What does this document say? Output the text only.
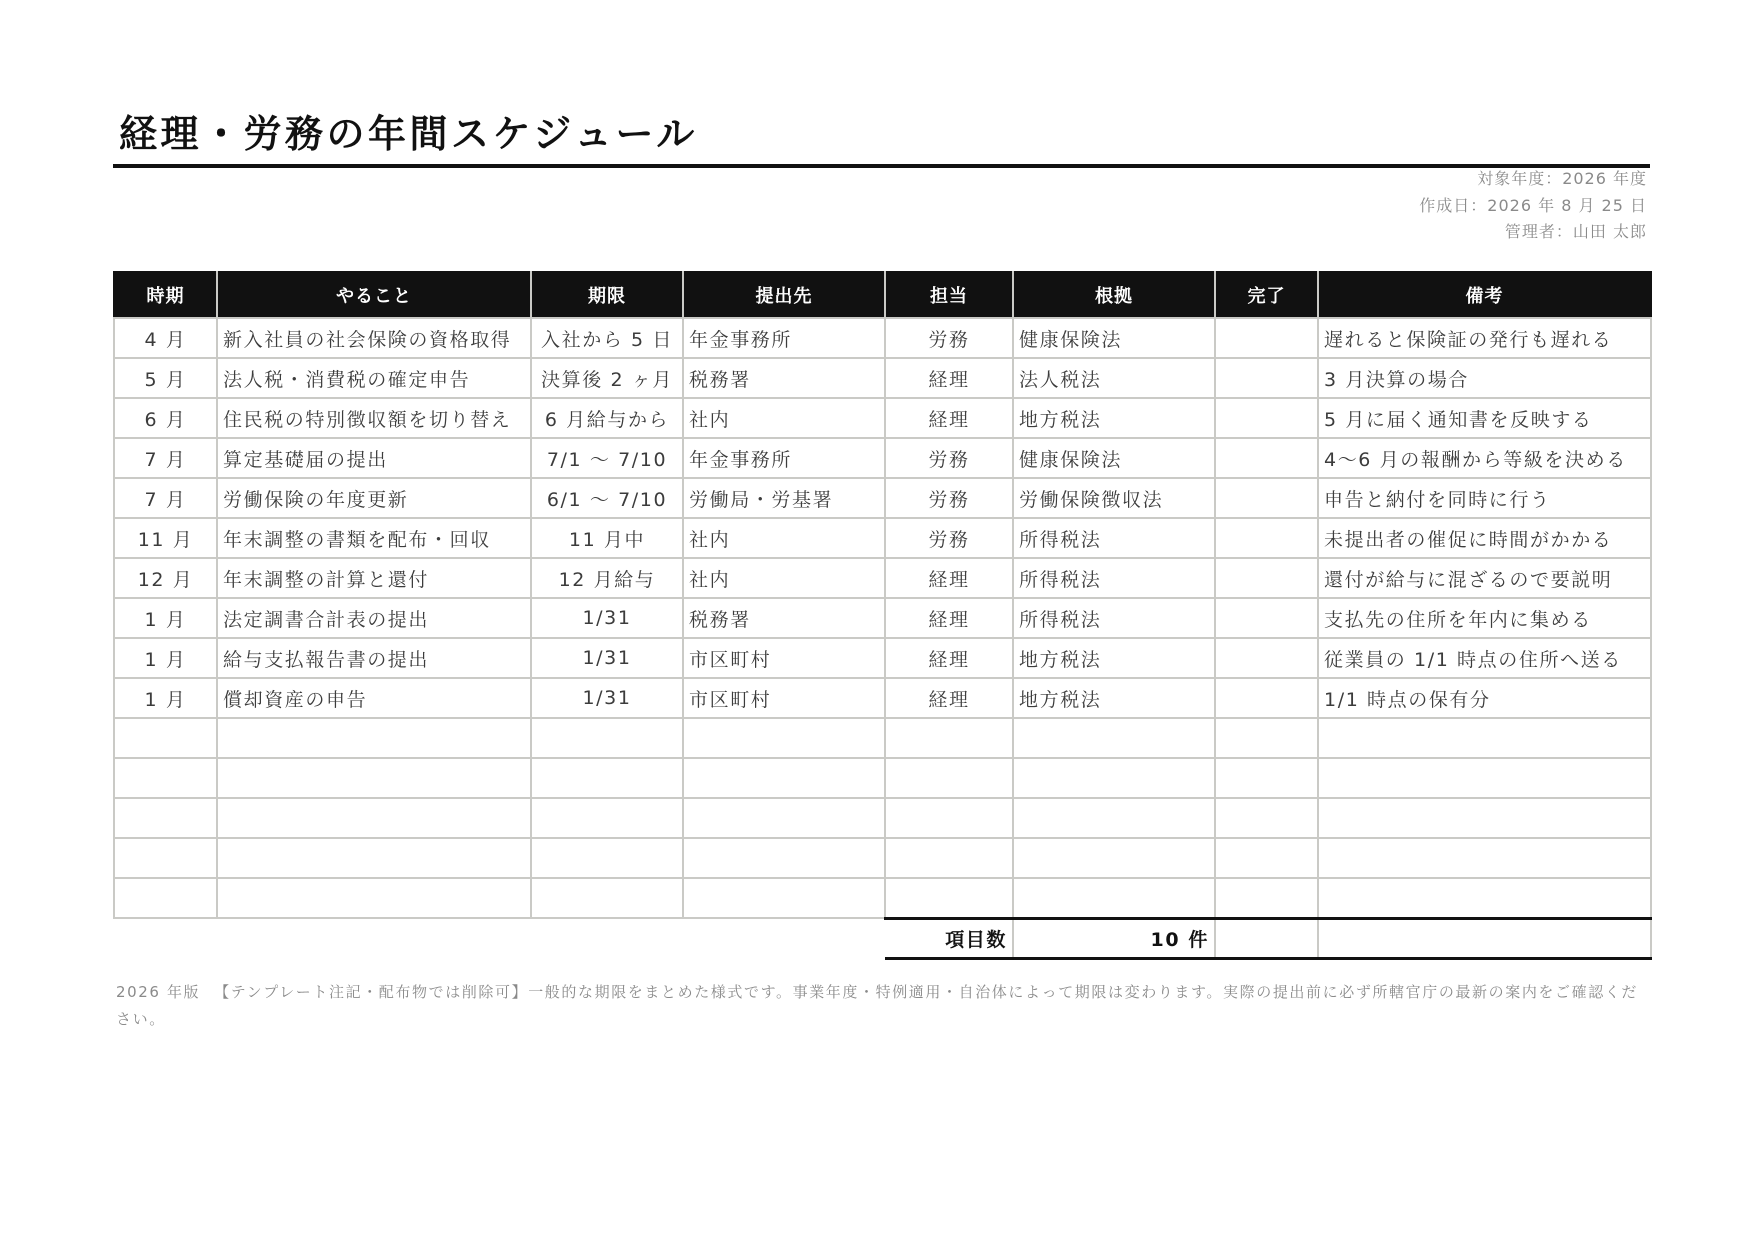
経理・労務の年間スケジュール
対象年度：2026 年度
作成日：2026 年 8 月 25 日
管理者：山田 太郎
時期	やること	期限	提出先	担当	根拠	完了	備考
4 月	新入社員の社会保険の資格取得	入社から 5 日	年金事務所	労務	健康保険法		遅れると保険証の発行も遅れる
5 月	法人税・消費税の確定申告	決算後 2 ヶ月	税務署	経理	法人税法		3 月決算の場合
6 月	住民税の特別徴収額を切り替え	6 月給与から	社内	経理	地方税法		5 月に届く通知書を反映する
7 月	算定基礎届の提出	7/1 〜 7/10	年金事務所	労務	健康保険法		4〜6 月の報酬から等級を決める
7 月	労働保険の年度更新	6/1 〜 7/10	労働局・労基署	労務	労働保険徴収法		申告と納付を同時に行う
11 月	年末調整の書類を配布・回収	11 月中	社内	労務	所得税法		未提出者の催促に時間がかかる
12 月	年末調整の計算と還付	12 月給与	社内	経理	所得税法		還付が給与に混ざるので要説明
1 月	法定調書合計表の提出	1/31	税務署	経理	所得税法		支払先の住所を年内に集める
1 月	給与支払報告書の提出	1/31	市区町村	経理	地方税法		従業員の 1/1 時点の住所へ送る
1 月	償却資産の申告	1/31	市区町村	経理	地方税法		1/1 時点の保有分

				項目数	10 件		
2026 年版 【テンプレート注記・配布物では削除可】一般的な期限をまとめた様式です。事業年度・特例適用・自治体によって期限は変わります。実際の提出前に必ず所轄官庁の最新の案内をご確認ください。
